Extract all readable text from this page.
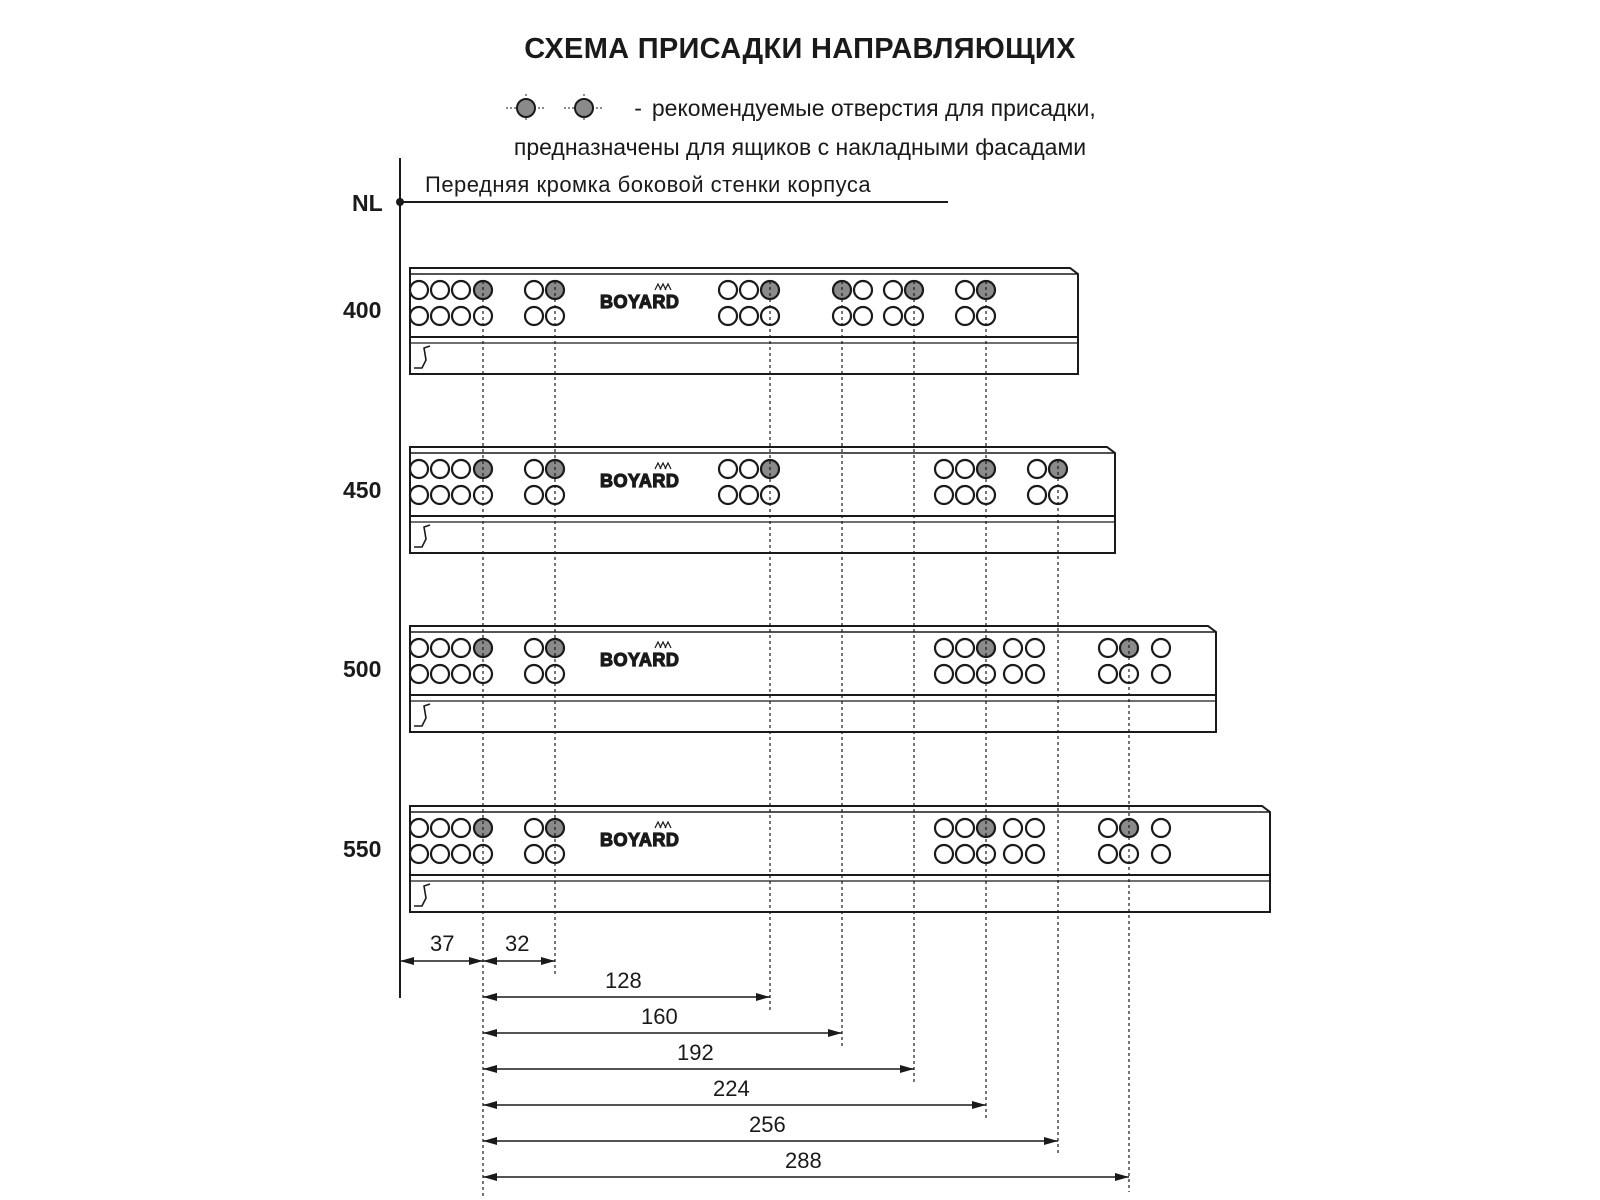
СХЕМА ПРИСАДКИ НАПРАВЛЯЮЩИХ
- рекомендуемые отверстия для присадки,
предназначены для ящиков с накладными фасадами
NL
Передняя кромка боковой стенки корпуса
BOYARD
400
BOYARD
450
BOYARD
500
BOYARD
550
37 32
128
160
192
224
256
288
